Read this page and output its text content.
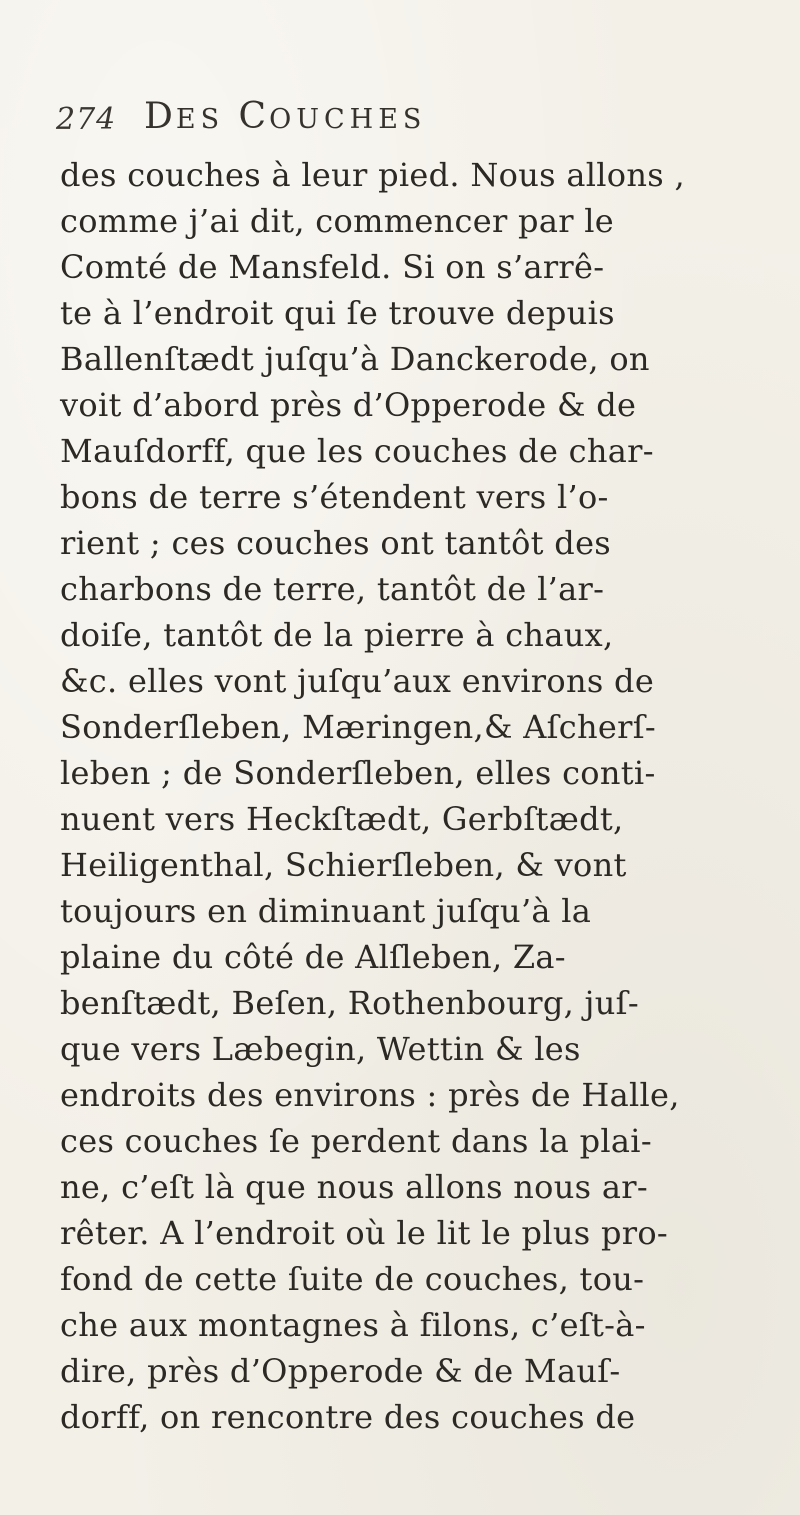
274 DES COUCHES
des couches à leur pied. Nous allons ,
comme j’ai dit, commencer par le
Comté de Mansfeld. Si on s’arrê-
te à l’endroit qui ſe trouve depuis
Ballenſtædt juſqu’à Danckerode, on
voit d’abord près d’Opperode & de
Mauſdorff, que les couches de char-
bons de terre s’étendent vers l’o-
rient ; ces couches ont tantôt des
charbons de terre, tantôt de l’ar-
doiſe, tantôt de la pierre à chaux,
&c. elles vont juſqu’aux environs de
Sonderſleben, Mæringen,& Aſcherſ-
leben ; de Sonderſleben, elles conti-
nuent vers Heckſtædt, Gerbſtædt,
Heiligenthal, Schierſleben, & vont
toujours en diminuant juſqu’à la
plaine du côté de Alſleben, Za-
benſtædt, Beſen, Rothenbourg, juſ-
que vers Læbegin, Wettin & les
endroits des environs : près de Halle,
ces couches ſe perdent dans la plai-
ne, c’eſt là que nous allons nous ar-
rêter. A l’endroit où le lit le plus pro-
fond de cette ſuite de couches, tou-
che aux montagnes à filons, c’eſt-à-
dire, près d’Opperode & de Mauſ-
dorff, on rencontre des couches de
